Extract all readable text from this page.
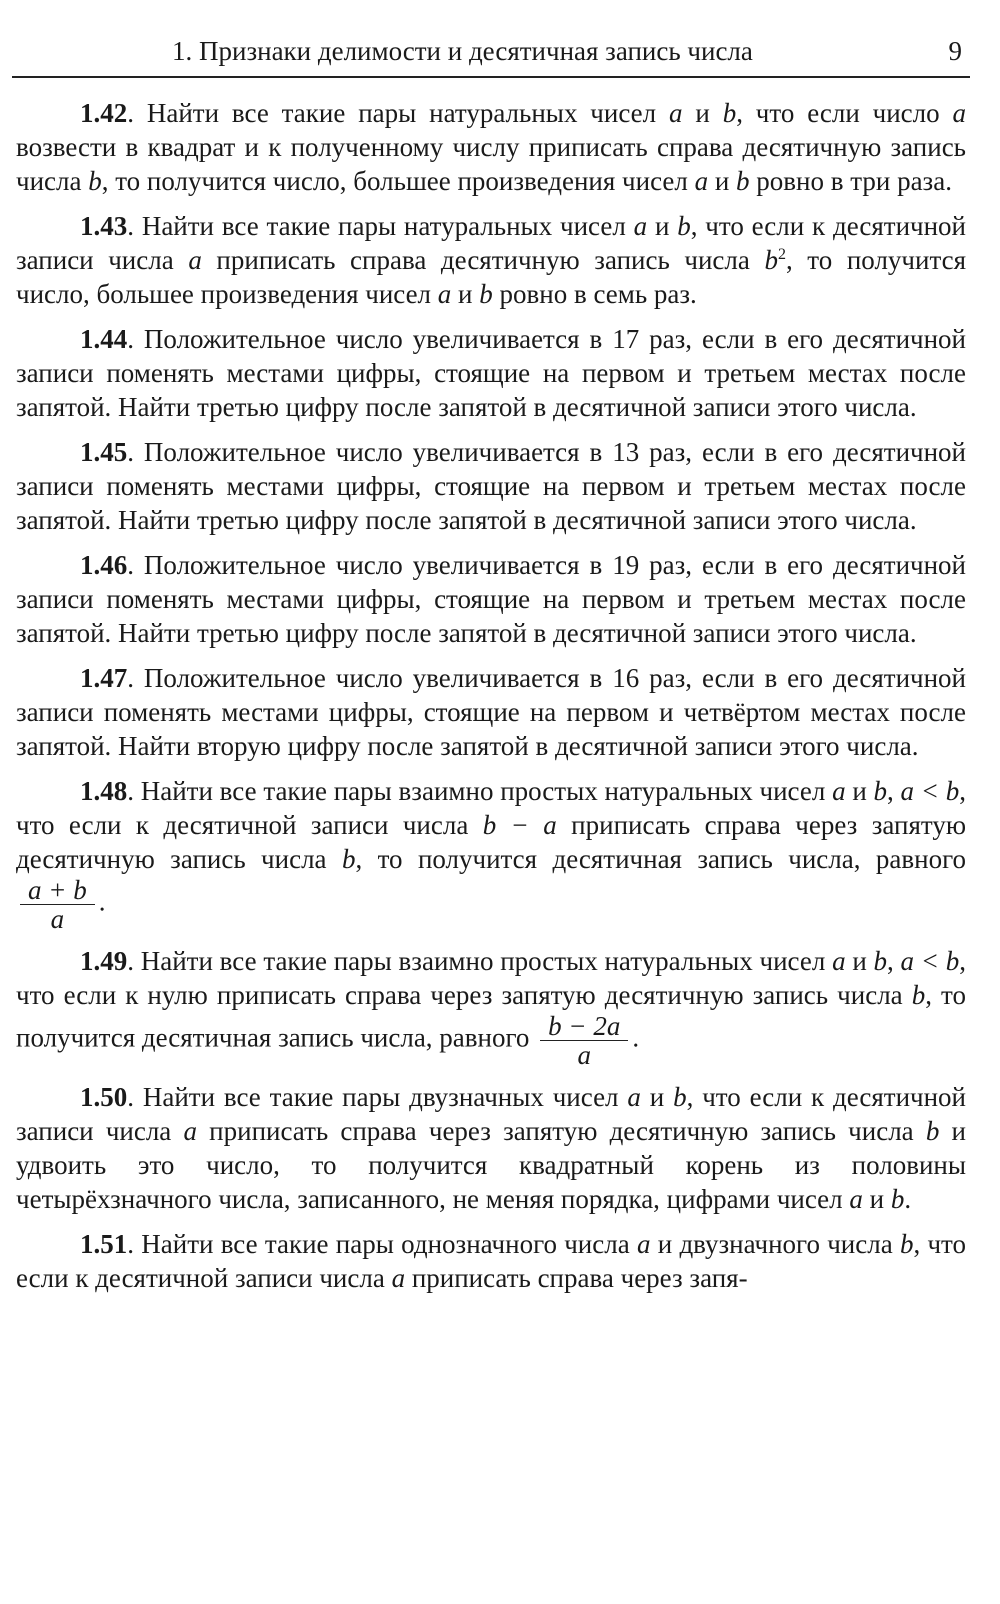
1. Признаки делимости и десятичная запись числа	9

1.42. Найти все такие пары натуральных чисел a и b, что если число a возвести в квадрат и к полученному числу приписать справа десятичную запись числа b, то получится число, большее произведения чисел a и b ровно в три раза.

1.43. Найти все такие пары натуральных чисел a и b, что если к десятичной записи числа a приписать справа десятичную запись числа $b^2$, то получится число, большее произведения чисел a и b ровно в семь раз.

1.44. Положительное число увеличивается в 17 раз, если в его десятичной записи поменять местами цифры, стоящие на первом и третьем местах после запятой. Найти третью цифру после запятой в десятичной записи этого числа.

1.45. Положительное число увеличивается в 13 раз, если в его десятичной записи поменять местами цифры, стоящие на первом и третьем местах после запятой. Найти третью цифру после запятой в десятичной записи этого числа.

1.46. Положительное число увеличивается в 19 раз, если в его десятичной записи поменять местами цифры, стоящие на первом и третьем местах после запятой. Найти третью цифру после запятой в десятичной записи этого числа.

1.47. Положительное число увеличивается в 16 раз, если в его десятичной записи поменять местами цифры, стоящие на первом и четвёртом местах после запятой. Найти вторую цифру после запятой в десятичной записи этого числа.

1.48. Найти все такие пары взаимно простых натуральных чисел a и b, a < b, что если к десятичной записи числа b − a приписать справа через запятую десятичную запись числа b, то получится десятичная запись числа, равного
$\frac{a + b}{a}$ .

1.49. Найти все такие пары взаимно простых натуральных чисел a и b, a < b, что если к нулю приписать справа через запятую десятичную запись числа b, то получится десятичная запись числа, равного $\frac{b - 2a}{a}$ .

1.50. Найти все такие пары двузначных чисел a и b, что если к десятичной записи числа a приписать справа через запятую десятичную запись числа b и удвоить это число, то получится квадратный корень из половины четырёхзначного числа, записанного, не меняя порядка, цифрами чисел a и b.

1.51. Найти все такие пары однозначного числа a и двузначного числа b, что если к десятичной записи числа a приписать справа через запя-
